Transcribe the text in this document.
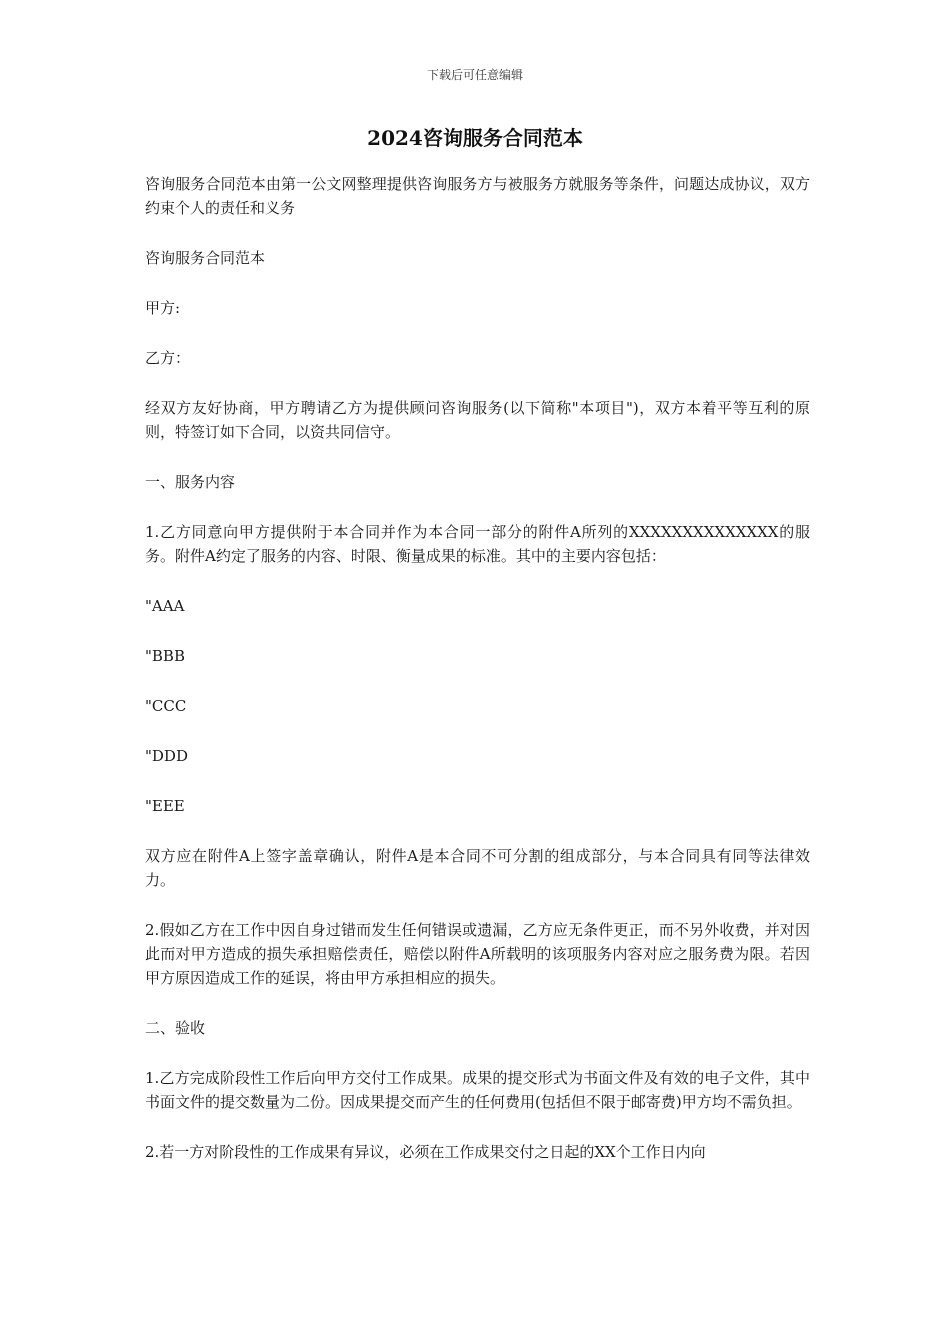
下载后可任意编辑
2024咨询服务合同范本

咨询服务合同范本由第一公文网整理提供咨询服务方与被服务方就服务等条件，问题达成协议，双方约束个人的责任和义务

咨询服务合同范本

甲方:

乙方：

经双方友好协商，甲方聘请乙方为提供顾问咨询服务(以下简称"本项目")，双方本着平等互利的原则，特签订如下合同，以资共同信守。

一、服务内容

1.乙方同意向甲方提供附于本合同并作为本合同一部分的附件A所列的XXXXXXXXXXXXXX的服务。附件A约定了服务的内容、时限、衡量成果的标准。其中的主要内容包括：

"AAA

"BBB

"CCC

"DDD

"EEE

双方应在附件A上签字盖章确认，附件A是本合同不可分割的组成部分，与本合同具有同等法律效力。

2.假如乙方在工作中因自身过错而发生任何错误或遗漏，乙方应无条件更正，而不另外收费，并对因此而对甲方造成的损失承担赔偿责任，赔偿以附件A所载明的该项服务内容对应之服务费为限。若因甲方原因造成工作的延误，将由甲方承担相应的损失。

二、验收

1.乙方完成阶段性工作后向甲方交付工作成果。成果的提交形式为书面文件及有效的电子文件，其中书面文件的提交数量为二份。因成果提交而产生的任何费用(包括但不限于邮寄费)甲方均不需负担。

2.若一方对阶段性的工作成果有异议，必须在工作成果交付之日起的XX个工作日内向
